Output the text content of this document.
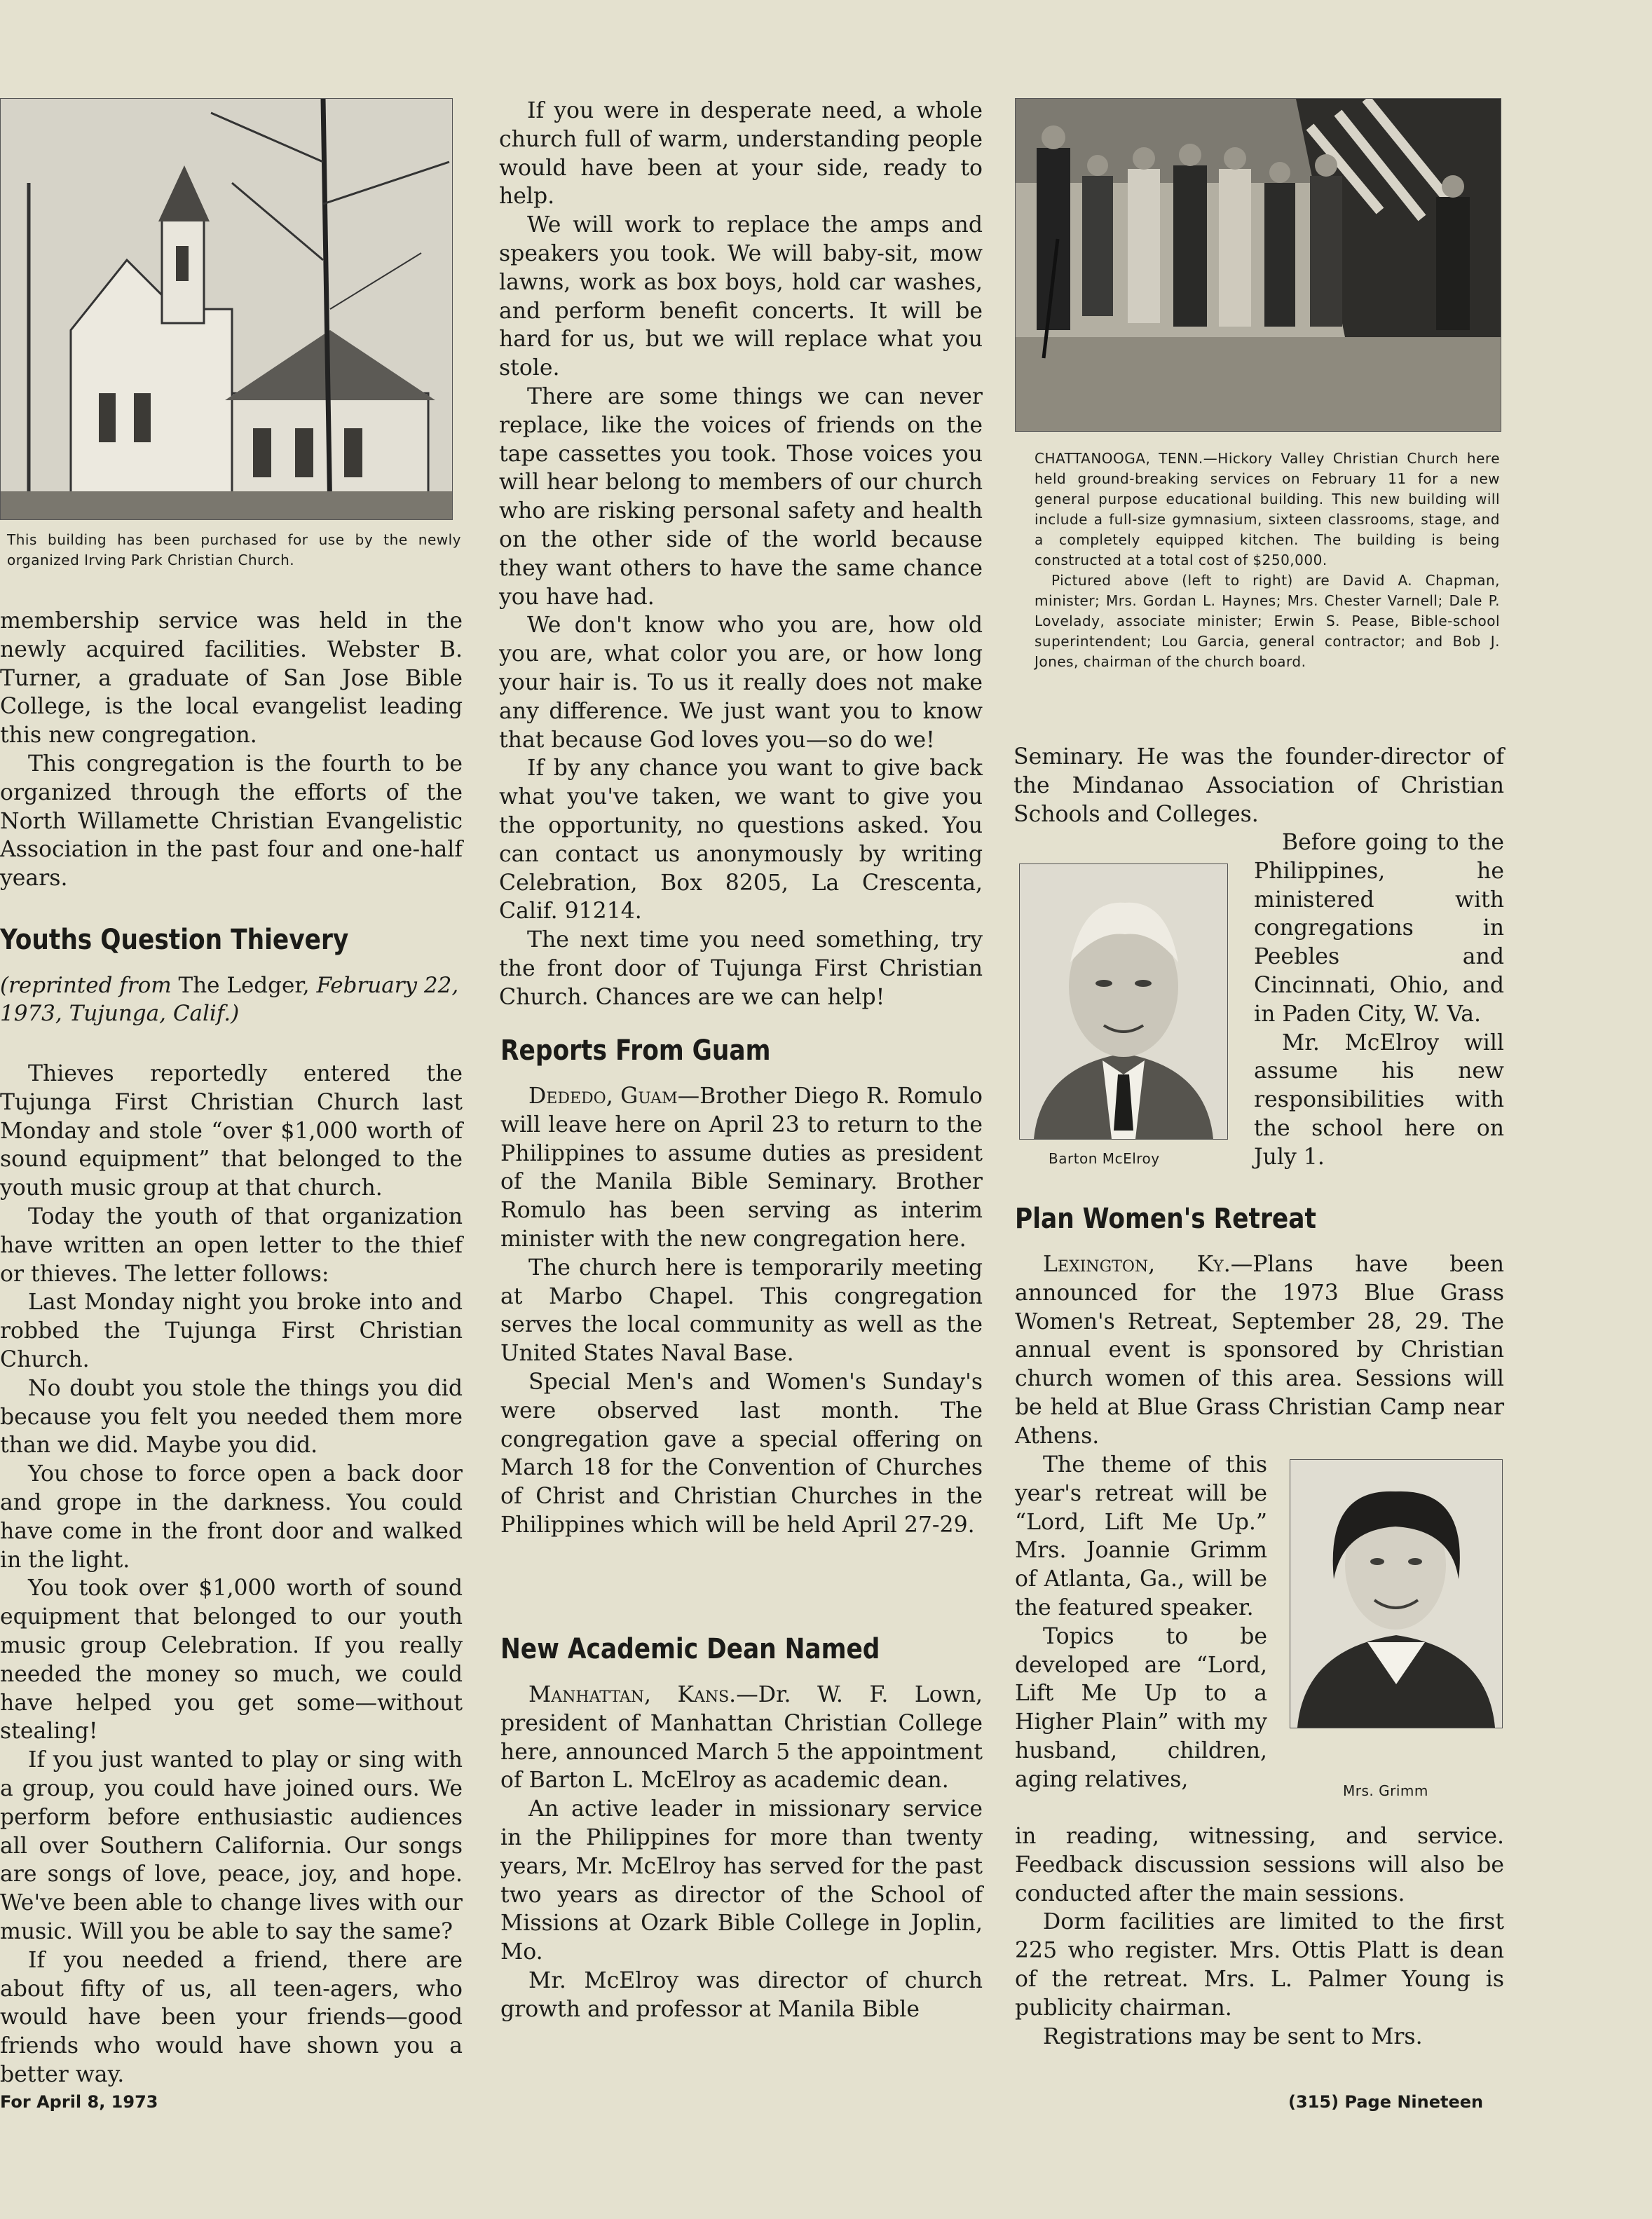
This building has been purchased for use by the newly organized Irving Park Christian Church.

membership service was held in the newly acquired facilities. Webster B. Turner, a graduate of San Jose Bible College, is the local evangelist leading this new congregation.

This congregation is the fourth to be organized through the efforts of the North Willamette Christian Evangelistic Association in the past four and one-half years.

Youths Question Thievery
(reprinted from The Ledger, February 22, 1973, Tujunga, Calif.)

Thieves reportedly entered the Tujunga First Christian Church last Monday and stole “over $1,000 worth of sound equipment” that belonged to the youth music group at that church.

Today the youth of that organization have written an open letter to the thief or thieves. The letter follows:

Last Monday night you broke into and robbed the Tujunga First Christian Church.

No doubt you stole the things you did because you felt you needed them more than we did. Maybe you did.

You chose to force open a back door and grope in the darkness. You could have come in the front door and walked in the light.

You took over $1,000 worth of sound equipment that belonged to our youth music group Celebration. If you really needed the money so much, we could have helped you get some—without stealing!

If you just wanted to play or sing with a group, you could have joined ours. We perform before enthusiastic audiences all over Southern California. Our songs are songs of love, peace, joy, and hope. We've been able to change lives with our music. Will you be able to say the same?

If you needed a friend, there are about fifty of us, all teen-agers, who would have been your friends—good friends who would have shown you a better way.

If you were in desperate need, a whole church full of warm, understanding people would have been at your side, ready to help.

We will work to replace the amps and speakers you took. We will baby-sit, mow lawns, work as box boys, hold car washes, and perform benefit concerts. It will be hard for us, but we will replace what you stole.

There are some things we can never replace, like the voices of friends on the tape cassettes you took. Those voices you will hear belong to members of our church who are risking personal safety and health on the other side of the world because they want others to have the same chance you have had.

We don't know who you are, how old you are, what color you are, or how long your hair is. To us it really does not make any difference. We just want you to know that because God loves you—so do we!

If by any chance you want to give back what you've taken, we want to give you the opportunity, no questions asked. You can contact us anonymously by writing Celebration, Box 8205, La Crescenta, Calif. 91214.

The next time you need something, try the front door of Tujunga First Christian Church. Chances are we can help!

Reports From Guam

Dededo, Guam—Brother Diego R. Romulo will leave here on April 23 to return to the Philippines to assume duties as president of the Manila Bible Seminary. Brother Romulo has been serving as interim minister with the new congregation here.

The church here is temporarily meeting at Marbo Chapel. This congregation serves the local community as well as the United States Naval Base.

Special Men's and Women's Sunday's were observed last month. The congregation gave a special offering on March 18 for the Convention of Churches of Christ and Christian Churches in the Philippines which will be held April 27-29.

New Academic Dean Named

Manhattan, Kans.—Dr. W. F. Lown, president of Manhattan Christian College here, announced March 5 the appointment of Barton L. McElroy as academic dean.

An active leader in missionary service in the Philippines for more than twenty years, Mr. McElroy has served for the past two years as director of the School of Missions at Ozark Bible College in Joplin, Mo.

Mr. McElroy was director of church growth and professor at Manila Bible

CHATTANOOGA, TENN.—Hickory Valley Christian Church here held ground-breaking services on February 11 for a new general purpose educational building. This new building will include a full-size gymnasium, sixteen classrooms, stage, and a completely equipped kitchen. The building is being constructed at a total cost of $250,000.

Pictured above (left to right) are David A. Chapman, minister; Mrs. Gordan L. Haynes; Mrs. Chester Varnell; Dale P. Lovelady, associate minister; Erwin S. Pease, Bible-school superintendent; Lou Garcia, general contractor; and Bob J. Jones, chairman of the church board.

Seminary. He was the founder-director of the Mindanao Association of Christian Schools and Colleges.

Barton McElroy

Before going to the Philippines, he ministered with congregations in Peebles and Cincinnati, Ohio, and in Paden City, W. Va.

Mr. McElroy will assume his new responsibilities with the school here on July 1.

Plan Women's Retreat

Lexington, Ky.—Plans have been announced for the 1973 Blue Grass Women's Retreat, September 28, 29. The annual event is sponsored by Christian church women of this area. Sessions will be held at Blue Grass Christian Camp near Athens.

The theme of this year's retreat will be “Lord, Lift Me Up.” Mrs. Joannie Grimm of Atlanta, Ga., will be the featured speaker.

Topics to be developed are “Lord, Lift Me Up to a Higher Plain” with my husband, children, aging relatives,	Mrs. Grimm

in reading, witnessing, and service. Feedback discussion sessions will also be conducted after the main sessions.

Dorm facilities are limited to the first 225 who register. Mrs. Ottis Platt is dean of the retreat. Mrs. L. Palmer Young is publicity chairman.

Registrations may be sent to Mrs.

For April 8, 1973	(315) Page Nineteen
